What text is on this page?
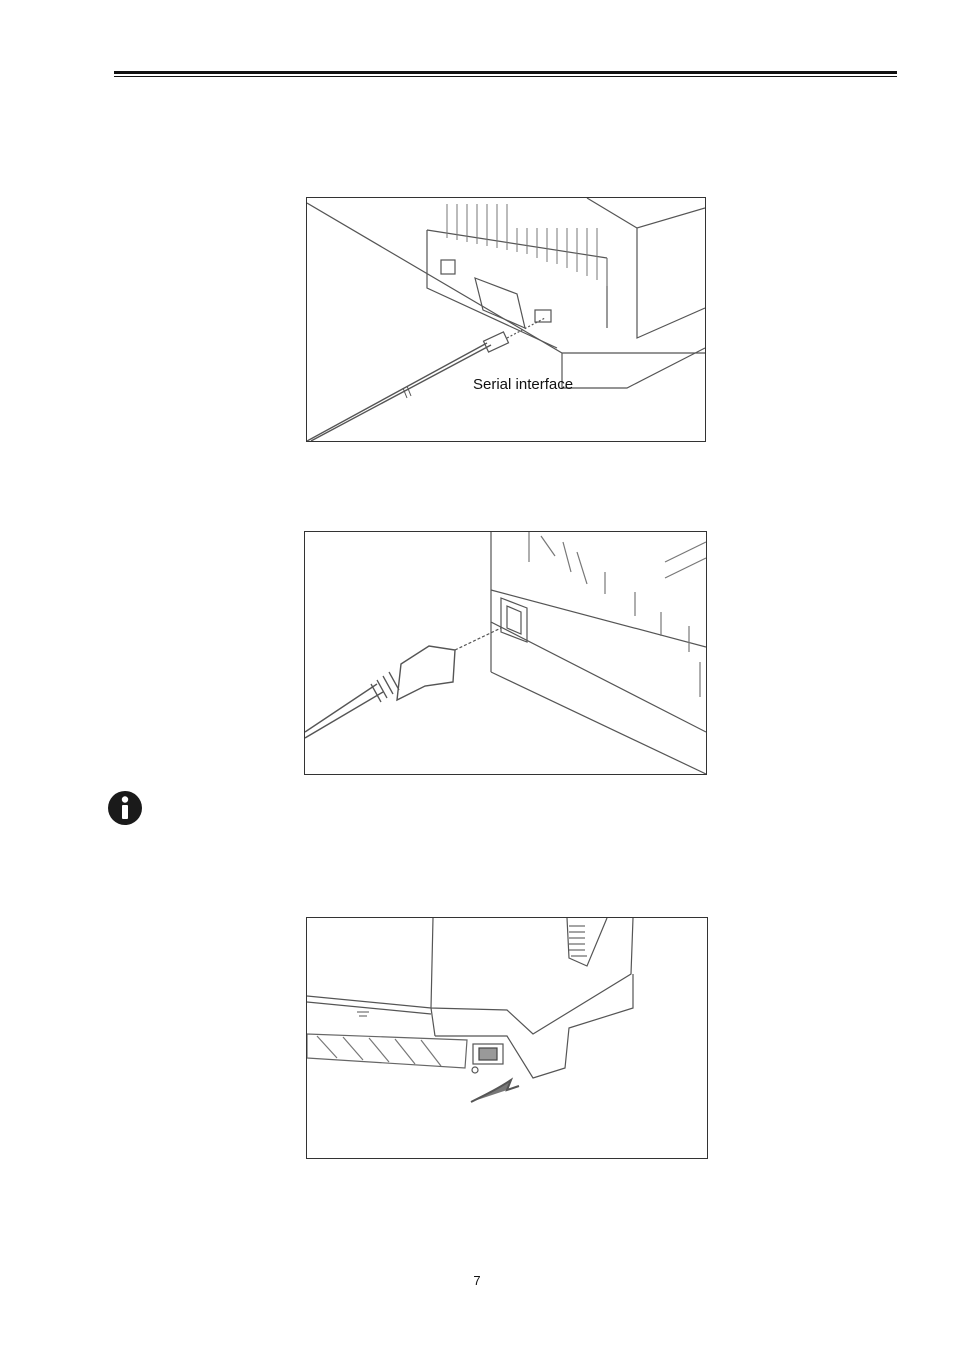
Serial interface
7
